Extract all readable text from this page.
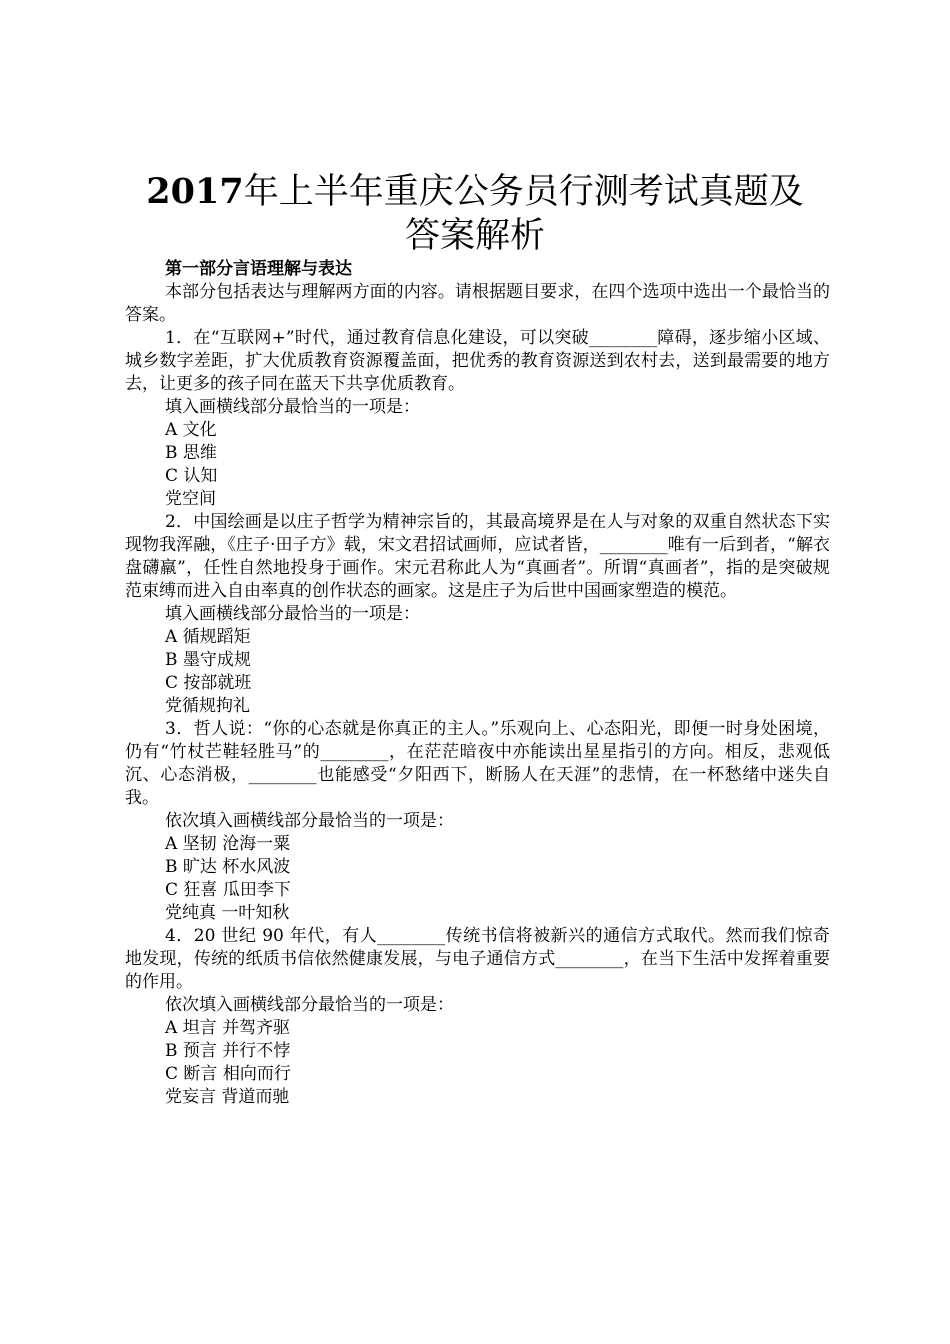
2017年上半年重庆公务员行测考试真题及答案解析

第一部分言语理解与表达

本部分包括表达与理解两方面的内容。请根据题目要求，在四个选项中选出一个最恰当的答案。

1．在“互联网+”时代，通过教育信息化建设，可以突破________障碍，逐步缩小区域、城乡数字差距，扩大优质教育资源覆盖面，把优秀的教育资源送到农村去，送到最需要的地方去，让更多的孩子同在蓝天下共享优质教育。

填入画横线部分最恰当的一项是：

A 文化

B 思维

C 认知

党空间

2．中国绘画是以庄子哲学为精神宗旨的，其最高境界是在人与对象的双重自然状态下实现物我浑融，《庄子·田子方》载，宋文君招试画师，应试者皆，________唯有一后到者，“解衣盘礴羸”，任性自然地投身于画作。宋元君称此人为“真画者”。所谓“真画者”，指的是突破规范束缚而进入自由率真的创作状态的画家。这是庄子为后世中国画家塑造的模范。

填入画横线部分最恰当的一项是：

A 循规蹈矩

B 墨守成规

C 按部就班

党循规拘礼

3．哲人说：“你的心态就是你真正的主人。”乐观向上、心态阳光，即便一时身处困境，仍有“竹杖芒鞋轻胜马”的________，在茫茫暗夜中亦能读出星星指引的方向。相反，悲观低沉、心态消极，________也能感受“夕阳西下，断肠人在天涯”的悲情，在一杯愁绪中迷失自我。

依次填入画横线部分最恰当的一项是：

A 坚韧 沧海一粟

B 旷达 杯水风波

C 狂喜 瓜田李下

党纯真 一叶知秋

4．20 世纪 90 年代，有人________传统书信将被新兴的通信方式取代。然而我们惊奇地发现，传统的纸质书信依然健康发展，与电子通信方式________，在当下生活中发挥着重要的作用。

依次填入画横线部分最恰当的一项是：

A 坦言 并驾齐驱

B 预言 并行不悖

C 断言 相向而行

党妄言 背道而驰
